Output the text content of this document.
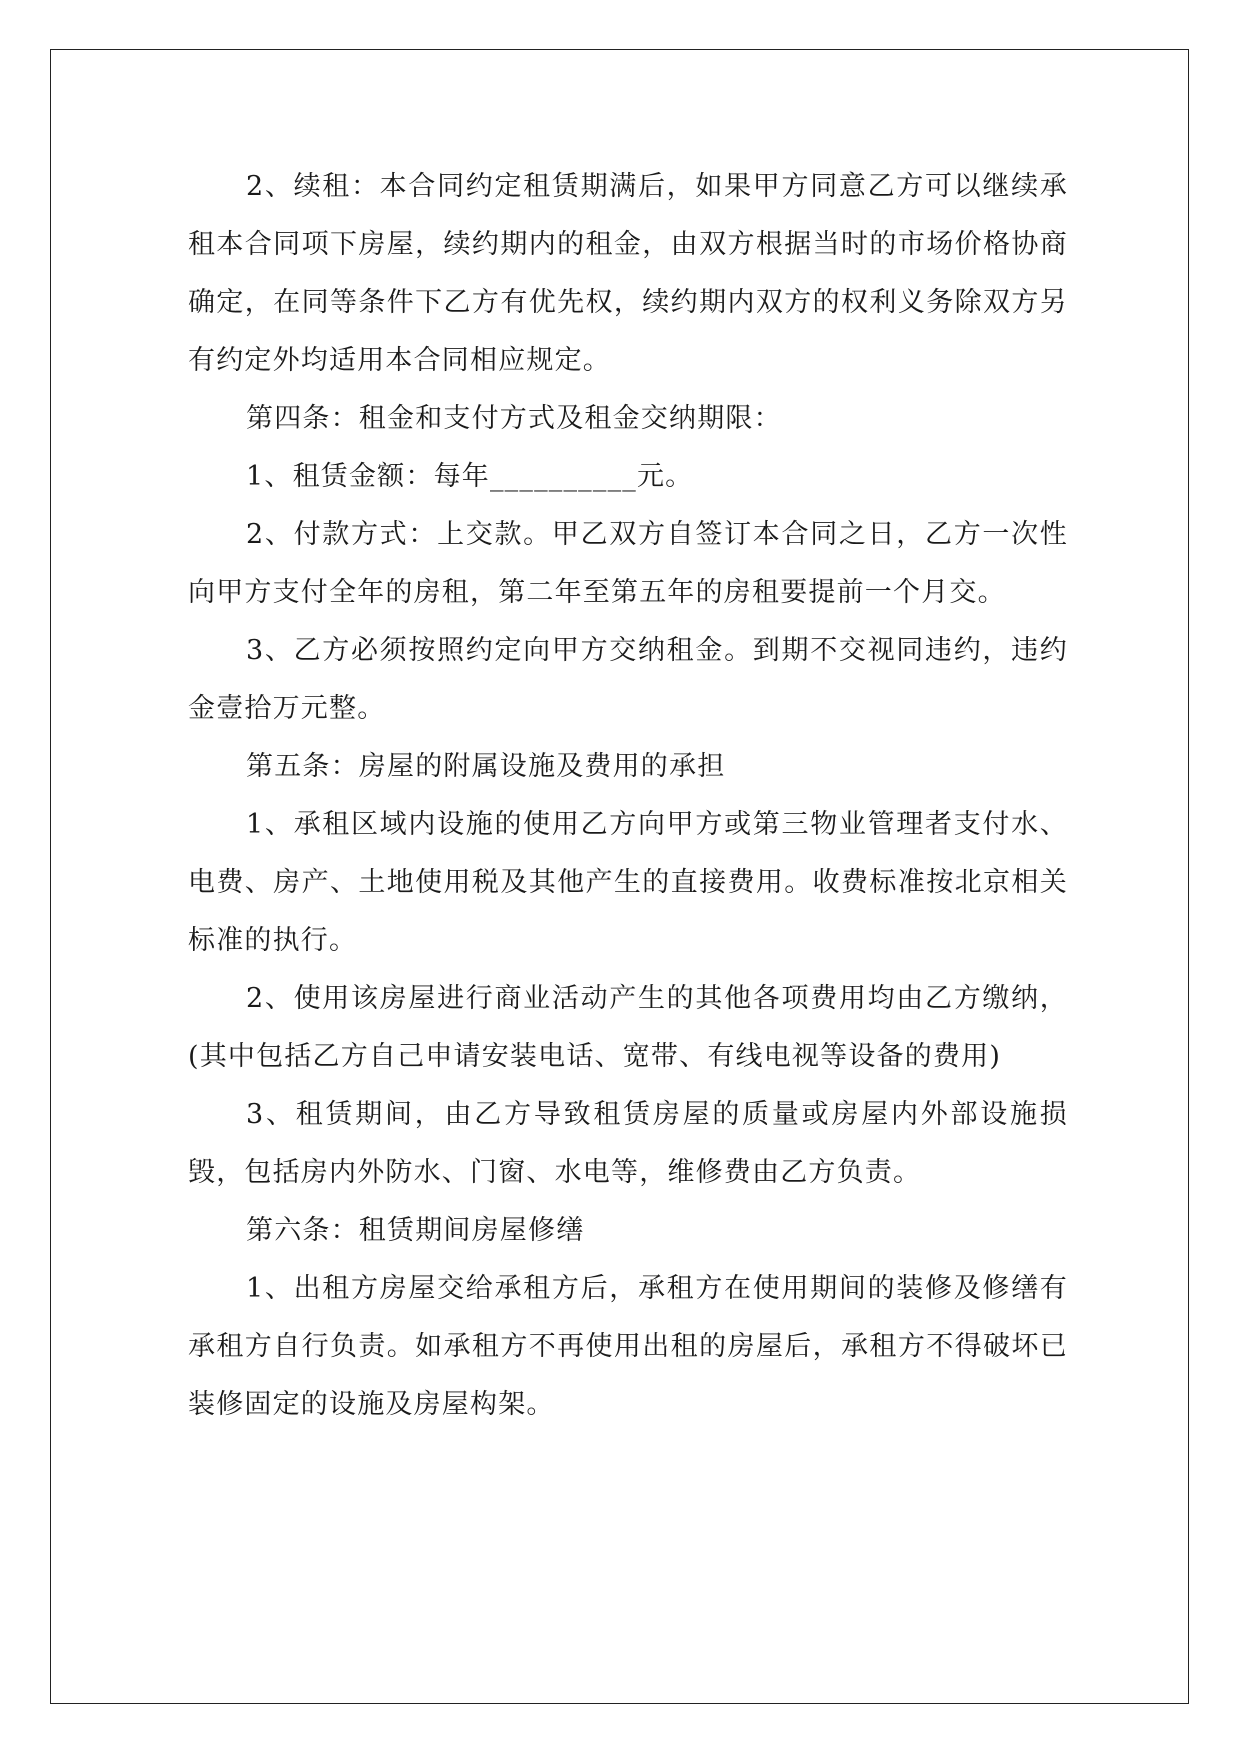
2、续租：本合同约定租赁期满后，如果甲方同意乙方可以继续承租本合同项下房屋，续约期内的租金，由双方根据当时的市场价格协商确定，在同等条件下乙方有优先权，续约期内双方的权利义务除双方另有约定外均适用本合同相应规定。

第四条：租金和支付方式及租金交纳期限：

1、租赁金额：每年__________元。

2、付款方式：上交款。甲乙双方自签订本合同之日，乙方一次性向甲方支付全年的房租，第二年至第五年的房租要提前一个月交。

3、乙方必须按照约定向甲方交纳租金。到期不交视同违约，违约金壹拾万元整。

第五条：房屋的附属设施及费用的承担

1、承租区域内设施的使用乙方向甲方或第三物业管理者支付水、电费、房产、土地使用税及其他产生的直接费用。收费标准按北京相关标准的执行。

2、使用该房屋进行商业活动产生的其他各项费用均由乙方缴纳，(其中包括乙方自己申请安装电话、宽带、有线电视等设备的费用)

3、租赁期间，由乙方导致租赁房屋的质量或房屋内外部设施损毁，包括房内外防水、门窗、水电等，维修费由乙方负责。

第六条：租赁期间房屋修缮

1、出租方房屋交给承租方后，承租方在使用期间的装修及修缮有承租方自行负责。如承租方不再使用出租的房屋后，承租方不得破坏已装修固定的设施及房屋构架。
